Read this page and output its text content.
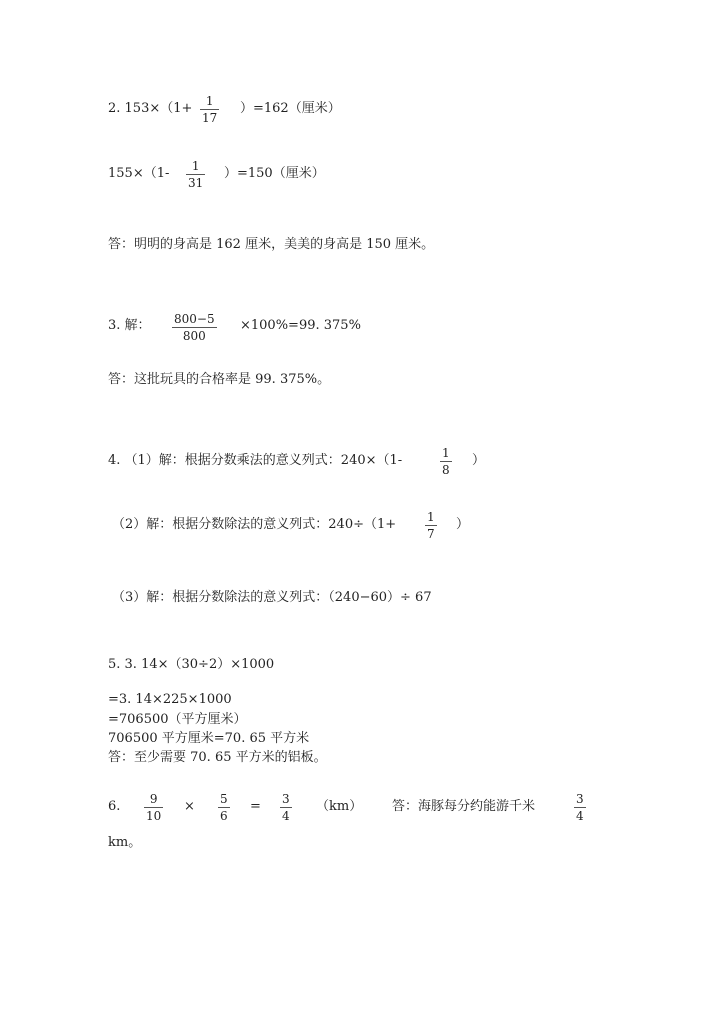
2. 153×（1+ 1
17
）=162（厘米）
155×（1- 1
31
）=150（厘米）
答：明明的身高是 162 厘米，美美的身高是 150 厘米。
3. 解： 800−5
800
×100%=99. 375%
答：这批玩具的合格率是 99. 375%。
4. （1）解：根据分数乘法的意义列式：240×（1-	1
8
）
（2）解：根据分数除法的意义列式：240÷（1+	1
7
）
（3）解：根据分数除法的意义列式：（240−60）÷ 67
5. 3. 14×（30÷2）×1000
=3. 14×225×1000
=706500（平方厘米）
706500 平方厘米=70. 65 平方米
答：至少需要 70. 65 平方米的铝板。
6. 9
10
× 5
6
= 3
4
（km） 答：海豚每分约能游千米	3
4
km。
